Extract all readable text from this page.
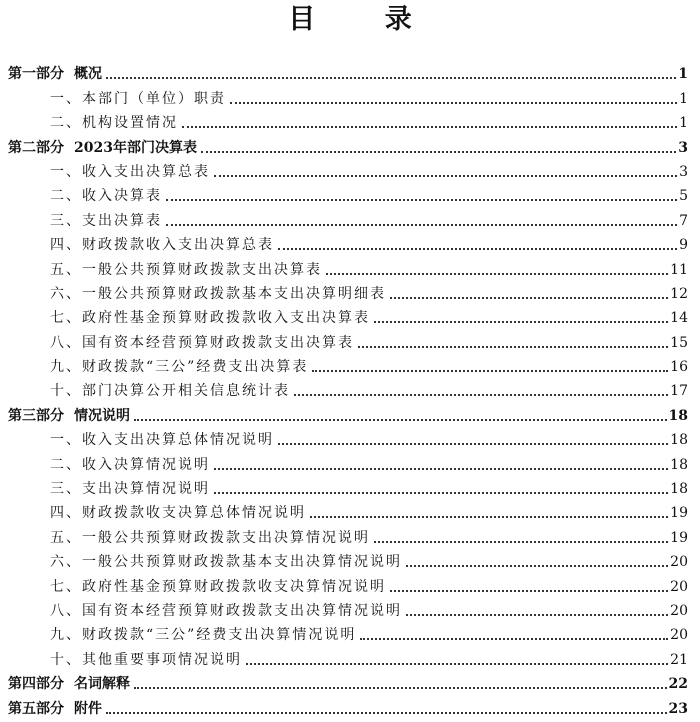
目 录
第一部分 概况	1
一、本部门（单位）职责	1
二、机构设置情况	1
第二部分 2023年部门决算表	3
一、收入支出决算总表	3
二、收入决算表	5
三、支出决算表	7
四、财政拨款收入支出决算总表	9
五、一般公共预算财政拨款支出决算表	11
六、一般公共预算财政拨款基本支出决算明细表	12
七、政府性基金预算财政拨款收入支出决算表	14
八、国有资本经营预算财政拨款支出决算表	15
九、财政拨款“三公”经费支出决算表	16
十、部门决算公开相关信息统计表	17
第三部分 情况说明	18
一、收入支出决算总体情况说明	18
二、收入决算情况说明	18
三、支出决算情况说明	18
四、财政拨款收支决算总体情况说明	19
五、一般公共预算财政拨款支出决算情况说明	19
六、一般公共预算财政拨款基本支出决算情况说明	20
七、政府性基金预算财政拨款收支决算情况说明	20
八、国有资本经营预算财政拨款支出决算情况说明	20
九、财政拨款“三公”经费支出决算情况说明	20
十、其他重要事项情况说明	21
第四部分 名词解释	22
第五部分 附件	23
